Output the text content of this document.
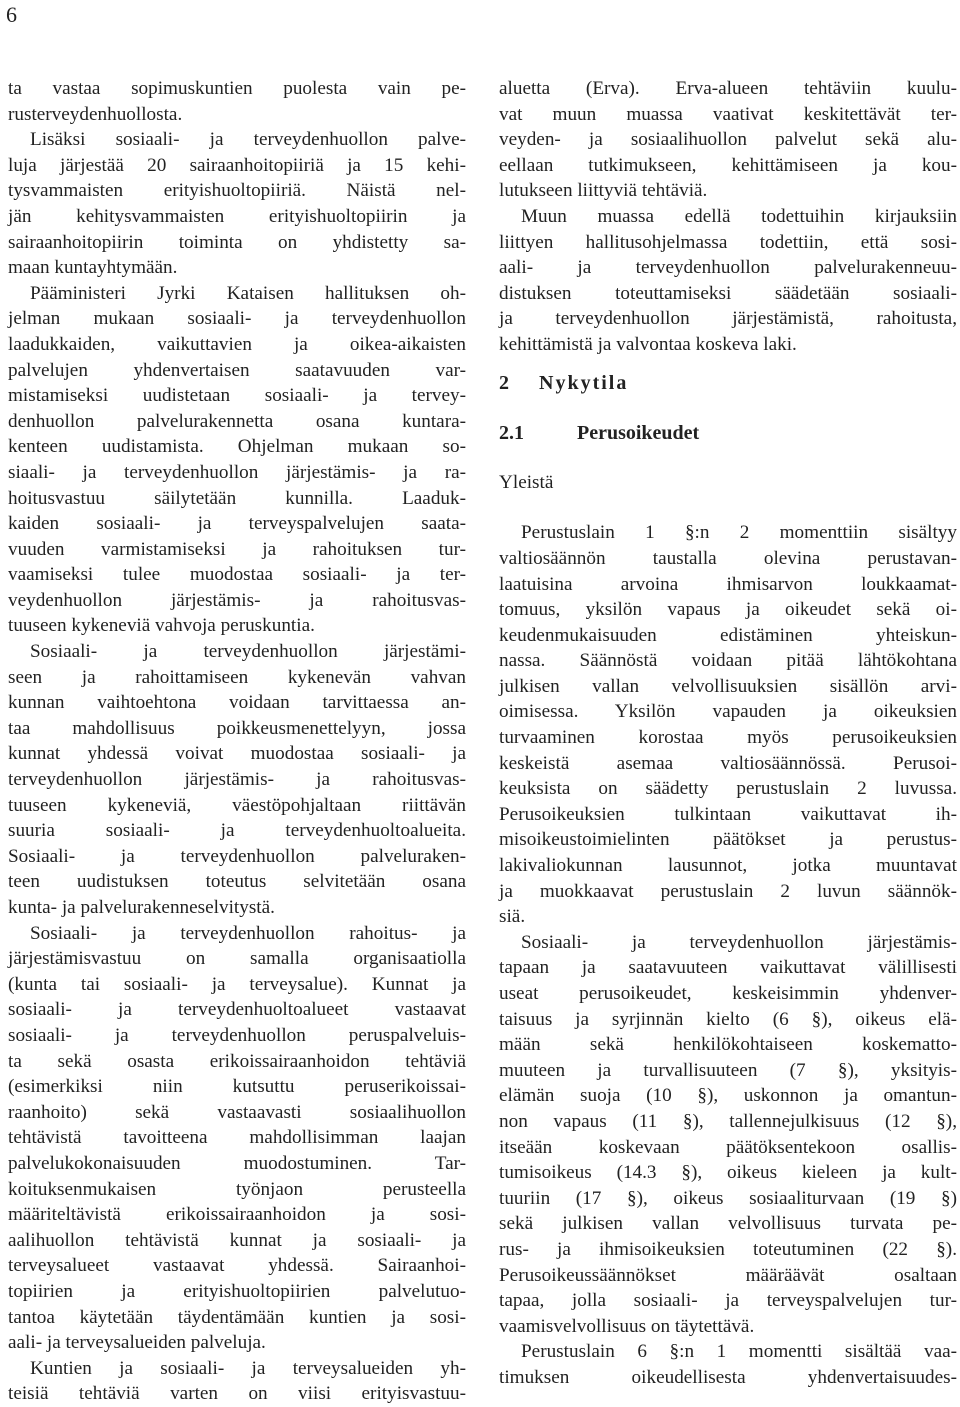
6
ta vastaa sopimuskuntien puolesta vain pe-
rusterveydenhuollosta.
Lisäksi sosiaali- ja terveydenhuollon palve-
luja järjestää 20 sairaanhoitopiiriä ja 15 kehi-
tysvammaisten erityishuoltopiiriä. Näistä nel-
jän kehitysvammaisten erityishuoltopiirin ja
sairaanhoitopiirin toiminta on yhdistetty sa-
maan kuntayhtymään.
Pääministeri Jyrki Kataisen hallituksen oh-
jelman mukaan sosiaali- ja terveydenhuollon
laadukkaiden, vaikuttavien ja oikea-aikaisten
palvelujen yhdenvertaisen saatavuuden var-
mistamiseksi uudistetaan sosiaali- ja tervey-
denhuollon palvelurakennetta osana kuntara-
kenteen uudistamista. Ohjelman mukaan so-
siaali- ja terveydenhuollon järjestämis- ja ra-
hoitusvastuu säilytetään kunnilla. Laaduk-
kaiden sosiaali- ja terveyspalvelujen saata-
vuuden varmistamiseksi ja rahoituksen tur-
vaamiseksi tulee muodostaa sosiaali- ja ter-
veydenhuollon järjestämis- ja rahoitusvas-
tuuseen kykeneviä vahvoja peruskuntia.
Sosiaali- ja terveydenhuollon järjestämi-
seen ja rahoittamiseen kykenevän vahvan
kunnan vaihtoehtona voidaan tarvittaessa an-
taa mahdollisuus poikkeusmenettelyyn, jossa
kunnat yhdessä voivat muodostaa sosiaali- ja
terveydenhuollon järjestämis- ja rahoitusvas-
tuuseen kykeneviä, väestöpohjaltaan riittävän
suuria sosiaali- ja terveydenhuoltoalueita.
Sosiaali- ja terveydenhuollon palveluraken-
teen uudistuksen toteutus selvitetään osana
kunta- ja palvelurakenneselvitystä.
Sosiaali- ja terveydenhuollon rahoitus- ja
järjestämisvastuu on samalla organisaatiolla
(kunta tai sosiaali- ja terveysalue). Kunnat ja
sosiaali- ja terveydenhuoltoalueet vastaavat
sosiaali- ja terveydenhuollon peruspalveluis-
ta sekä osasta erikoissairaanhoidon tehtäviä
(esimerkiksi niin kutsuttu peruserikoissai-
raanhoito) sekä vastaavasti sosiaalihuollon
tehtävistä tavoitteena mahdollisimman laajan
palvelukokonaisuuden muodostuminen. Tar-
koituksenmukaisen työnjaon perusteella
määriteltävistä erikoissairaanhoidon ja sosi-
aalihuollon tehtävistä kunnat ja sosiaali- ja
terveysalueet vastaavat yhdessä. Sairaanhoi-
topiirien ja erityishuoltopiirien palvelutuo-
tantoa käytetään täydentämään kuntien ja sosi-
aali- ja terveysalueiden palveluja.
Kuntien ja sosiaali- ja terveysalueiden yh-
teisiä tehtäviä varten on viisi erityisvastuu-
aluetta (Erva). Erva-alueen tehtäviin kuulu-
vat muun muassa vaativat keskitettävät ter-
veyden- ja sosiaalihuollon palvelut sekä alu-
eellaan tutkimukseen, kehittämiseen ja kou-
lutukseen liittyviä tehtäviä.
Muun muassa edellä todettuihin kirjauksiin
liittyen hallitusohjelmassa todettiin, että sosi-
aali- ja terveydenhuollon palvelurakenneuu-
distuksen toteuttamiseksi säädetään sosiaali-
ja terveydenhuollon järjestämistä, rahoitusta,
kehittämistä ja valvontaa koskeva laki.
2	Nykytila
2.1	Perusoikeudet
Yleistä
Perustuslain 1 §:n 2 momenttiin sisältyy
valtiosäännön taustalla olevina perustavan-
laatuisina arvoina ihmisarvon loukkaamat-
tomuus, yksilön vapaus ja oikeudet sekä oi-
keudenmukaisuuden edistäminen yhteiskun-
nassa. Säännöstä voidaan pitää lähtökohtana
julkisen vallan velvollisuuksien sisällön arvi-
oimisessa. Yksilön vapauden ja oikeuksien
turvaaminen korostaa myös perusoikeuksien
keskeistä asemaa valtiosäännössä. Perusoi-
keuksista on säädetty perustuslain 2 luvussa.
Perusoikeuksien tulkintaan vaikuttavat ih-
misoikeustoimielinten päätökset ja perustus-
lakivaliokunnan lausunnot, jotka muuntavat
ja muokkaavat perustuslain 2 luvun säännök-
siä.
Sosiaali- ja terveydenhuollon järjestämis-
tapaan ja saatavuuteen vaikuttavat välillisesti
useat perusoikeudet, keskeisimmin yhdenver-
taisuus ja syrjinnän kielto (6 §), oikeus elä-
mään sekä henkilökohtaiseen koskematto-
muuteen ja turvallisuuteen (7 §), yksityis-
elämän suoja (10 §), uskonnon ja omantun-
non vapaus (11 §), tallennejulkisuus (12 §),
itseään koskevaan päätöksentekoon osallis-
tumisoikeus (14.3 §), oikeus kieleen ja kult-
tuuriin (17 §), oikeus sosiaaliturvaan (19 §)
sekä julkisen vallan velvollisuus turvata pe-
rus- ja ihmisoikeuksien toteutuminen (22 §).
Perusoikeussäännökset määräävät osaltaan
tapaa, jolla sosiaali- ja terveyspalvelujen tur-
vaamisvelvollisuus on täytettävä.
Perustuslain 6 §:n 1 momentti sisältää vaa-
timuksen oikeudellisesta yhdenvertaisuudes-
